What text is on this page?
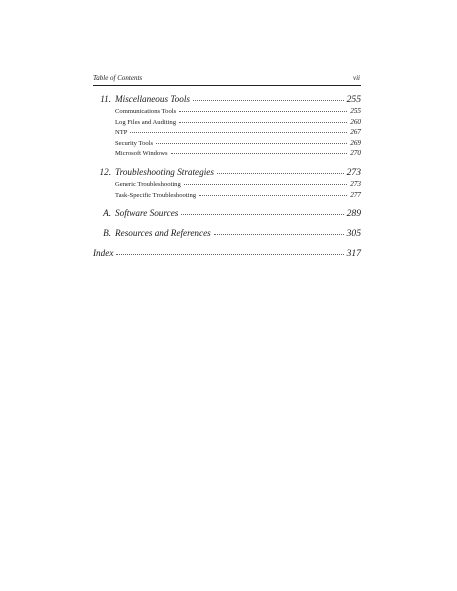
Table of Contents	vii
11. Miscellaneous Tools	255
Communications Tools	255
Log Files and Auditing	260
NTP	267
Security Tools	269
Microsoft Windows	270
12. Troubleshooting Strategies	273
Generic Troubleshooting	273
Task-Specific Troubleshooting	277
A. Software Sources	289
B. Resources and References	305
Index	317
